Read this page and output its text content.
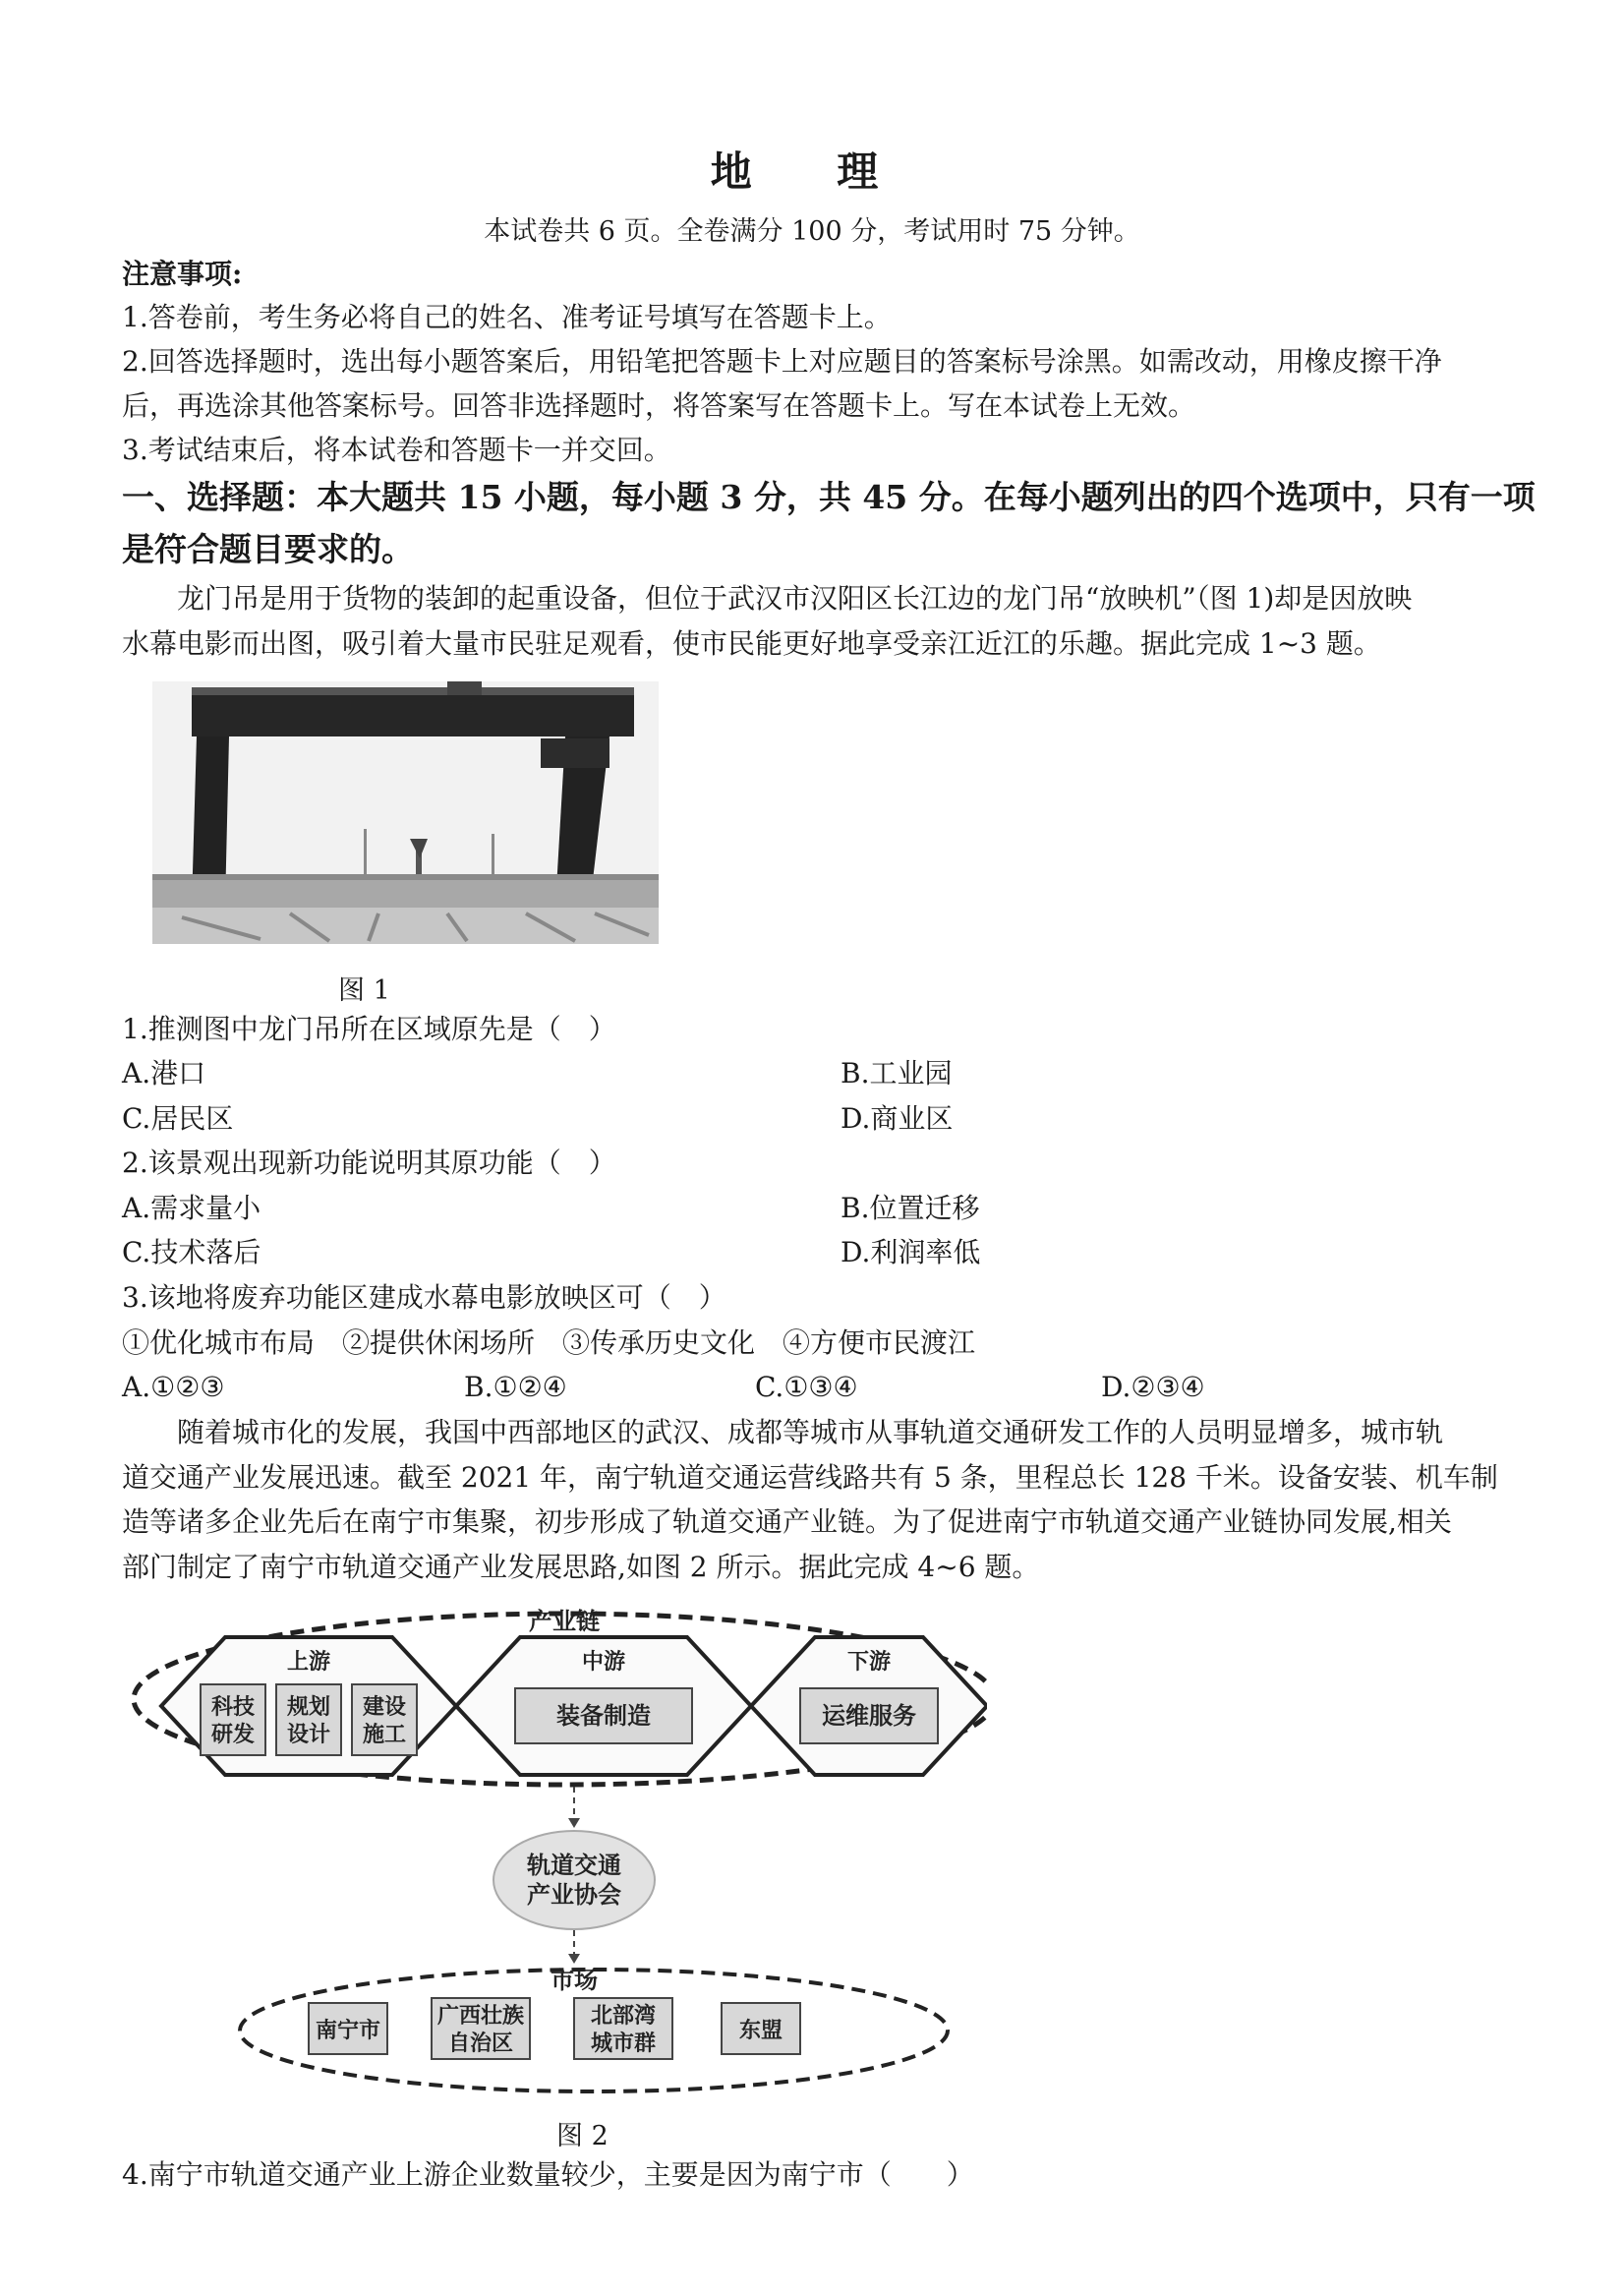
地 理
本试卷共 6 页。全卷满分 100 分，考试用时 75 分钟。
注意事项:
1.答卷前，考生务必将自己的姓名、准考证号填写在答题卡上。
2.回答选择题时，选出每小题答案后，用铅笔把答题卡上对应题目的答案标号涂黑。如需改动，用橡皮擦干净
后，再选涂其他答案标号。回答非选择题时，将答案写在答题卡上。写在本试卷上无效。
3.考试结束后，将本试卷和答题卡一并交回。
一、选择题：本大题共 15 小题，每小题 3 分，共 45 分。在每小题列出的四个选项中，只有一项
是符合题目要求的。
龙门吊是用于货物的装卸的起重设备，但位于武汉市汉阳区长江边的龙门吊“放映机”（图 1)却是因放映
水幕电影而出图，吸引着大量市民驻足观看，使市民能更好地享受亲江近江的乐趣。据此完成 1~3 题。
图 1
1.推测图中龙门吊所在区域原先是（　）
A.港口	B.工业园
C.居民区	D.商业区
2.该景观出现新功能说明其原功能（　）
A.需求量小	B.位置迁移
C.技术落后	D.利润率低
3.该地将废弃功能区建成水幕电影放映区可（　）
①优化城市布局　②提供休闲场所　③传承历史文化　④方便市民渡江
A.①②③	B.①②④	C.①③④	D.②③④
随着城市化的发展，我国中西部地区的武汉、成都等城市从事轨道交通研发工作的人员明显增多，城市轨
道交通产业发展迅速。截至 2021 年，南宁轨道交通运营线路共有 5 条，里程总长 128 千米。设备安装、机车制
造等诸多企业先后在南宁市集聚，初步形成了轨道交通产业链。为了促进南宁市轨道交通产业链协同发展,相关
部门制定了南宁市轨道交通产业发展思路,如图 2 所示。据此完成 4~6 题。
产业链
上游
科技研发
规划设计
建设施工
中游
装备制造
下游
运维服务
轨道交通产业协会
市场
南宁市
广西壮族自治区
北部湾城市群
东盟
图 2
4.南宁市轨道交通产业上游企业数量较少，主要是因为南宁市（　　）
